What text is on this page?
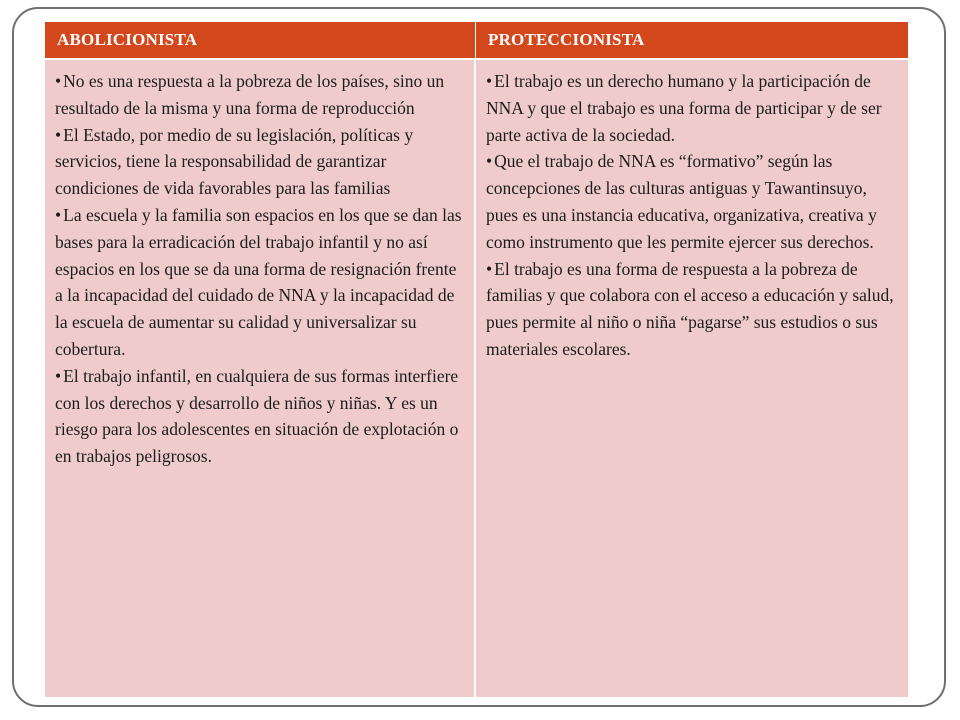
ABOLICIONISTA	PROTECCIONISTA
• No es una respuesta a la pobreza de los países, sino un resultado de la misma y una forma de reproducción
• El Estado, por medio de su legislación, políticas y servicios, tiene la responsabilidad de garantizar condiciones de vida favorables para las familias
• La escuela y la familia son espacios en los que se dan las bases para la erradicación del trabajo infantil y no así espacios en los que se da una forma de resignación frente a la incapacidad del cuidado de NNA y la incapacidad de la escuela de aumentar su calidad y universalizar su cobertura.
• El trabajo infantil, en cualquiera de sus formas interfiere con los derechos y desarrollo de niños y niñas. Y es un riesgo para los adolescentes en situación de explotación o en trabajos peligrosos.
• El trabajo es un derecho humano y la participación de NNA y que el trabajo es una forma de participar y de ser parte activa de la sociedad.
• Que el trabajo de NNA es “formativo” según las concepciones de las culturas antiguas y Tawantinsuyo, pues es una instancia educativa, organizativa, creativa y como instrumento que les permite ejercer sus derechos.
• El trabajo es una forma de respuesta a la pobreza de familias y que colabora con el acceso a educación y salud, pues permite al niño o niña “pagarse” sus estudios o sus materiales escolares.
